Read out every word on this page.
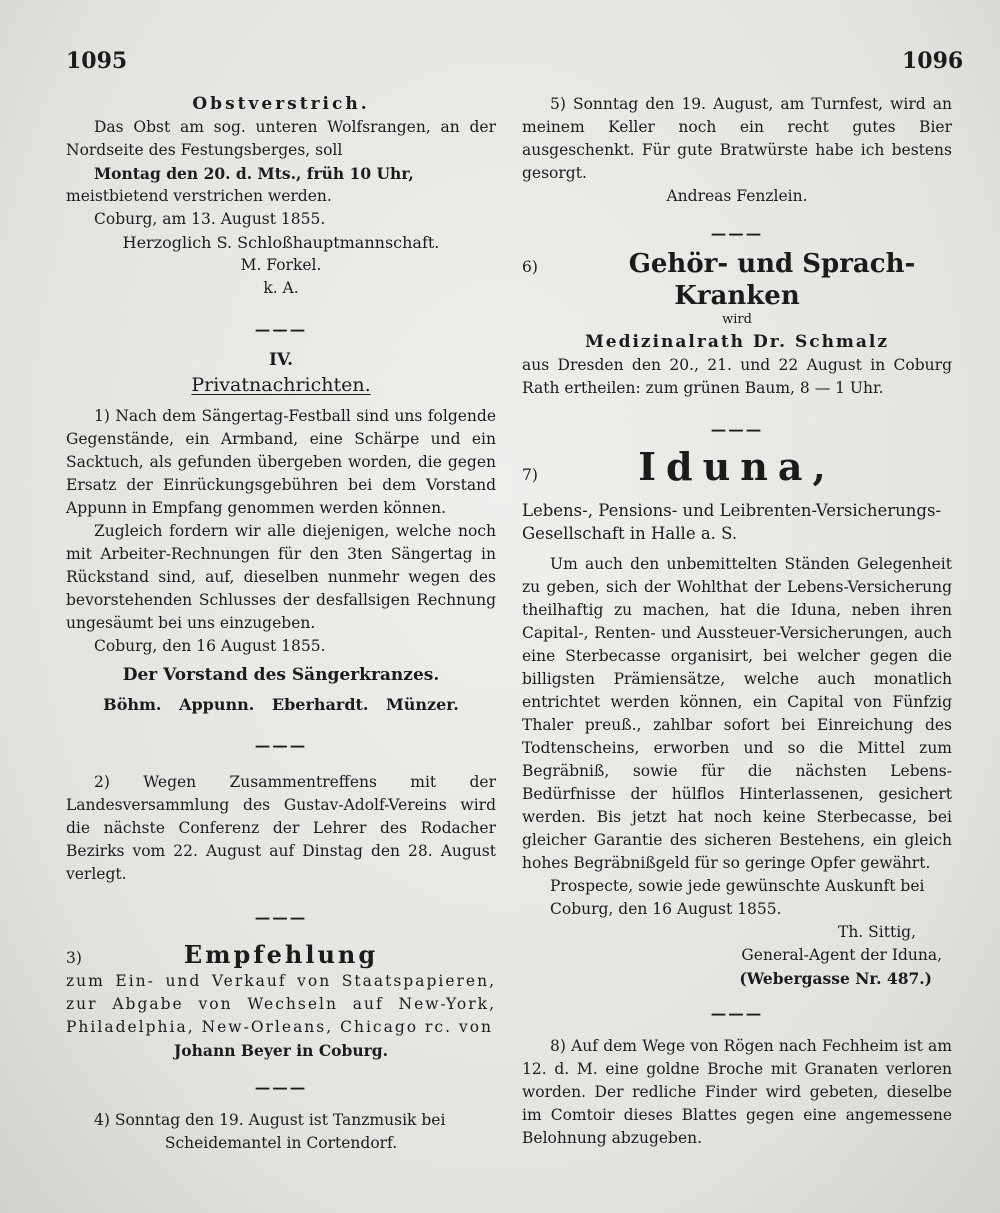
1095	1096

Obstverstrich.

Das Obst am sog. unteren Wolfsrangen, an der Nordseite des Festungsberges, soll

Montag den 20. d. Mts., früh 10 Uhr,

meistbietend verstrichen werden.

Coburg, am 13. August 1855.

Herzoglich S. Schloßhauptmannschaft.

M. Forkel.

k. A.

———
IV.
Privatnachrichten.

1) Nach dem Sängertag-Festball sind uns folgende Gegenstände, ein Armband, eine Schärpe und ein Sacktuch, als gefunden übergeben worden, die gegen Ersatz der Einrückungsgebühren bei dem Vorstand Appunn in Empfang genommen werden können.

Zugleich fordern wir alle diejenigen, welche noch mit Arbeiter-Rechnungen für den 3ten Sängertag in Rückstand sind, auf, dieselben nunmehr wegen des bevorstehenden Schlusses der desfallsigen Rechnung ungesäumt bei uns einzugeben.

Coburg, den 16 August 1855.

Der Vorstand des Sängerkranzes.
Böhm. Appunn. Eberhardt. Münzer.
———

2) Wegen Zusammentreffens mit der Landesversammlung des Gustav-Adolf-Vereins wird die nächste Conferenz der Lehrer des Rodacher Bezirks vom 22. August auf Dinstag den 28. August verlegt.

———
3)	Empfehlung

zum Ein- und Verkauf von Staatspapieren, zur Abgabe von Wechseln auf New-York, Philadelphia, New-Orleans, Chicago rc. von

Johann Beyer in Coburg.

———

4) Sonntag den 19. August ist Tanzmusik bei

Scheidemantel in Cortendorf.

5) Sonntag den 19. August, am Turnfest, wird an meinem Keller noch ein recht gutes Bier ausgeschenkt. Für gute Bratwürste habe ich bestens gesorgt.

Andreas Fenzlein.

———
6)	Gehör- und Sprach-

Kranken

wird

Medizinalrath Dr. Schmalz

aus Dresden den 20., 21. und 22 August in Coburg Rath ertheilen: zum grünen Baum, 8 — 1 Uhr.

———
7)	Iduna,

Lebens-, Pensions- und Leibrenten-Versicherungs-Gesellschaft in Halle a. S.

Um auch den unbemittelten Ständen Gelegenheit zu geben, sich der Wohlthat der Lebens-Versicherung theilhaftig zu machen, hat die Iduna, neben ihren Capital-, Renten- und Aussteuer-Versicherungen, auch eine Sterbecasse organisirt, bei welcher gegen die billigsten Prämiensätze, welche auch monatlich entrichtet werden können, ein Capital von Fünfzig Thaler preuß., zahlbar sofort bei Einreichung des Todtenscheins, erworben und so die Mittel zum Begräbniß, sowie für die nächsten Lebens-Bedürfnisse der hülflos Hinterlassenen, gesichert werden. Bis jetzt hat noch keine Sterbecasse, bei gleicher Garantie des sicheren Bestehens, ein gleich hohes Begräbnißgeld für so geringe Opfer gewährt.

Prospecte, sowie jede gewünschte Auskunft bei

Coburg, den 16 August 1855.

Th. Sittig,

General-Agent der Iduna,

(Webergasse Nr. 487.)

———

8) Auf dem Wege von Rögen nach Fechheim ist am 12. d. M. eine goldne Broche mit Granaten verloren worden. Der redliche Finder wird gebeten, dieselbe im Comtoir dieses Blattes gegen eine angemessene Belohnung abzugeben.
